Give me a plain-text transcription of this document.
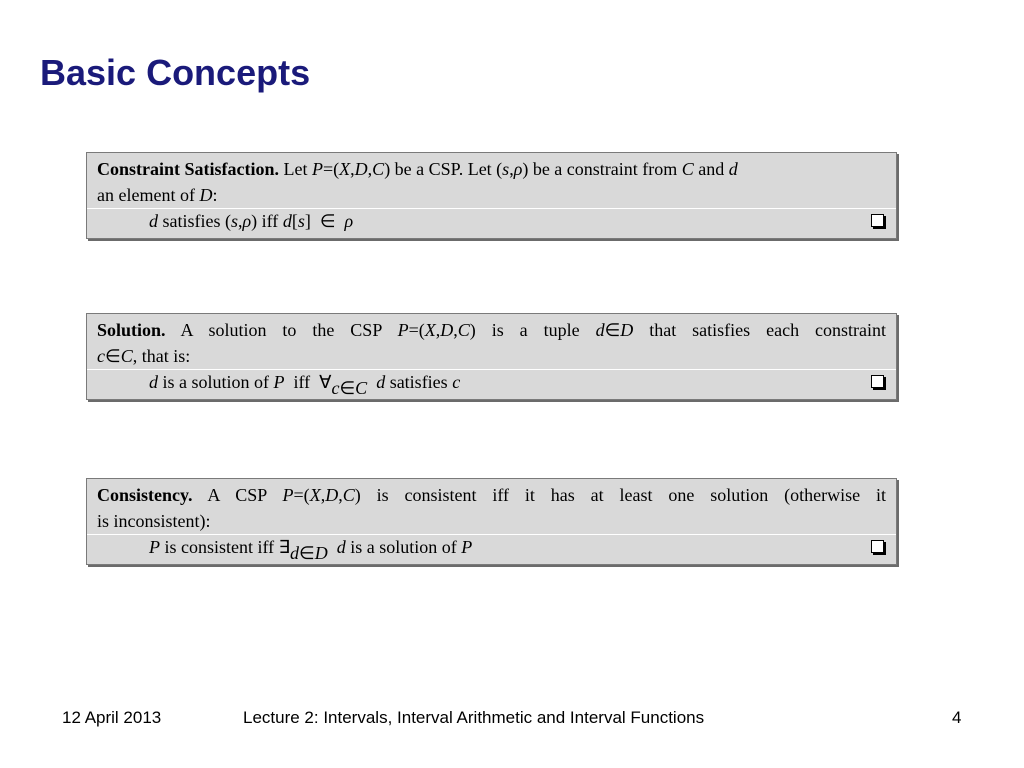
Basic Concepts
Constraint Satisfaction. Let P=(X,D,C) be a CSP. Let (s,ρ) be a constraint from C and d
an element of D:
d satisfies (s,ρ) iff d[s]  ∈  ρ
Solution. A solution to the CSP P=(X,D,C) is a tuple d∈D that satisfies each constraint
c∈C, that is:
d is a solution of P  iff  ∀c∈C d satisfies c
Consistency. A CSP P=(X,D,C) is consistent iff it has at least one solution (otherwise it
is inconsistent):
P is consistent iff ∃d∈D d is a solution of P
12 April 2013	Lecture 2: Intervals, Interval Arithmetic and Interval Functions	4
